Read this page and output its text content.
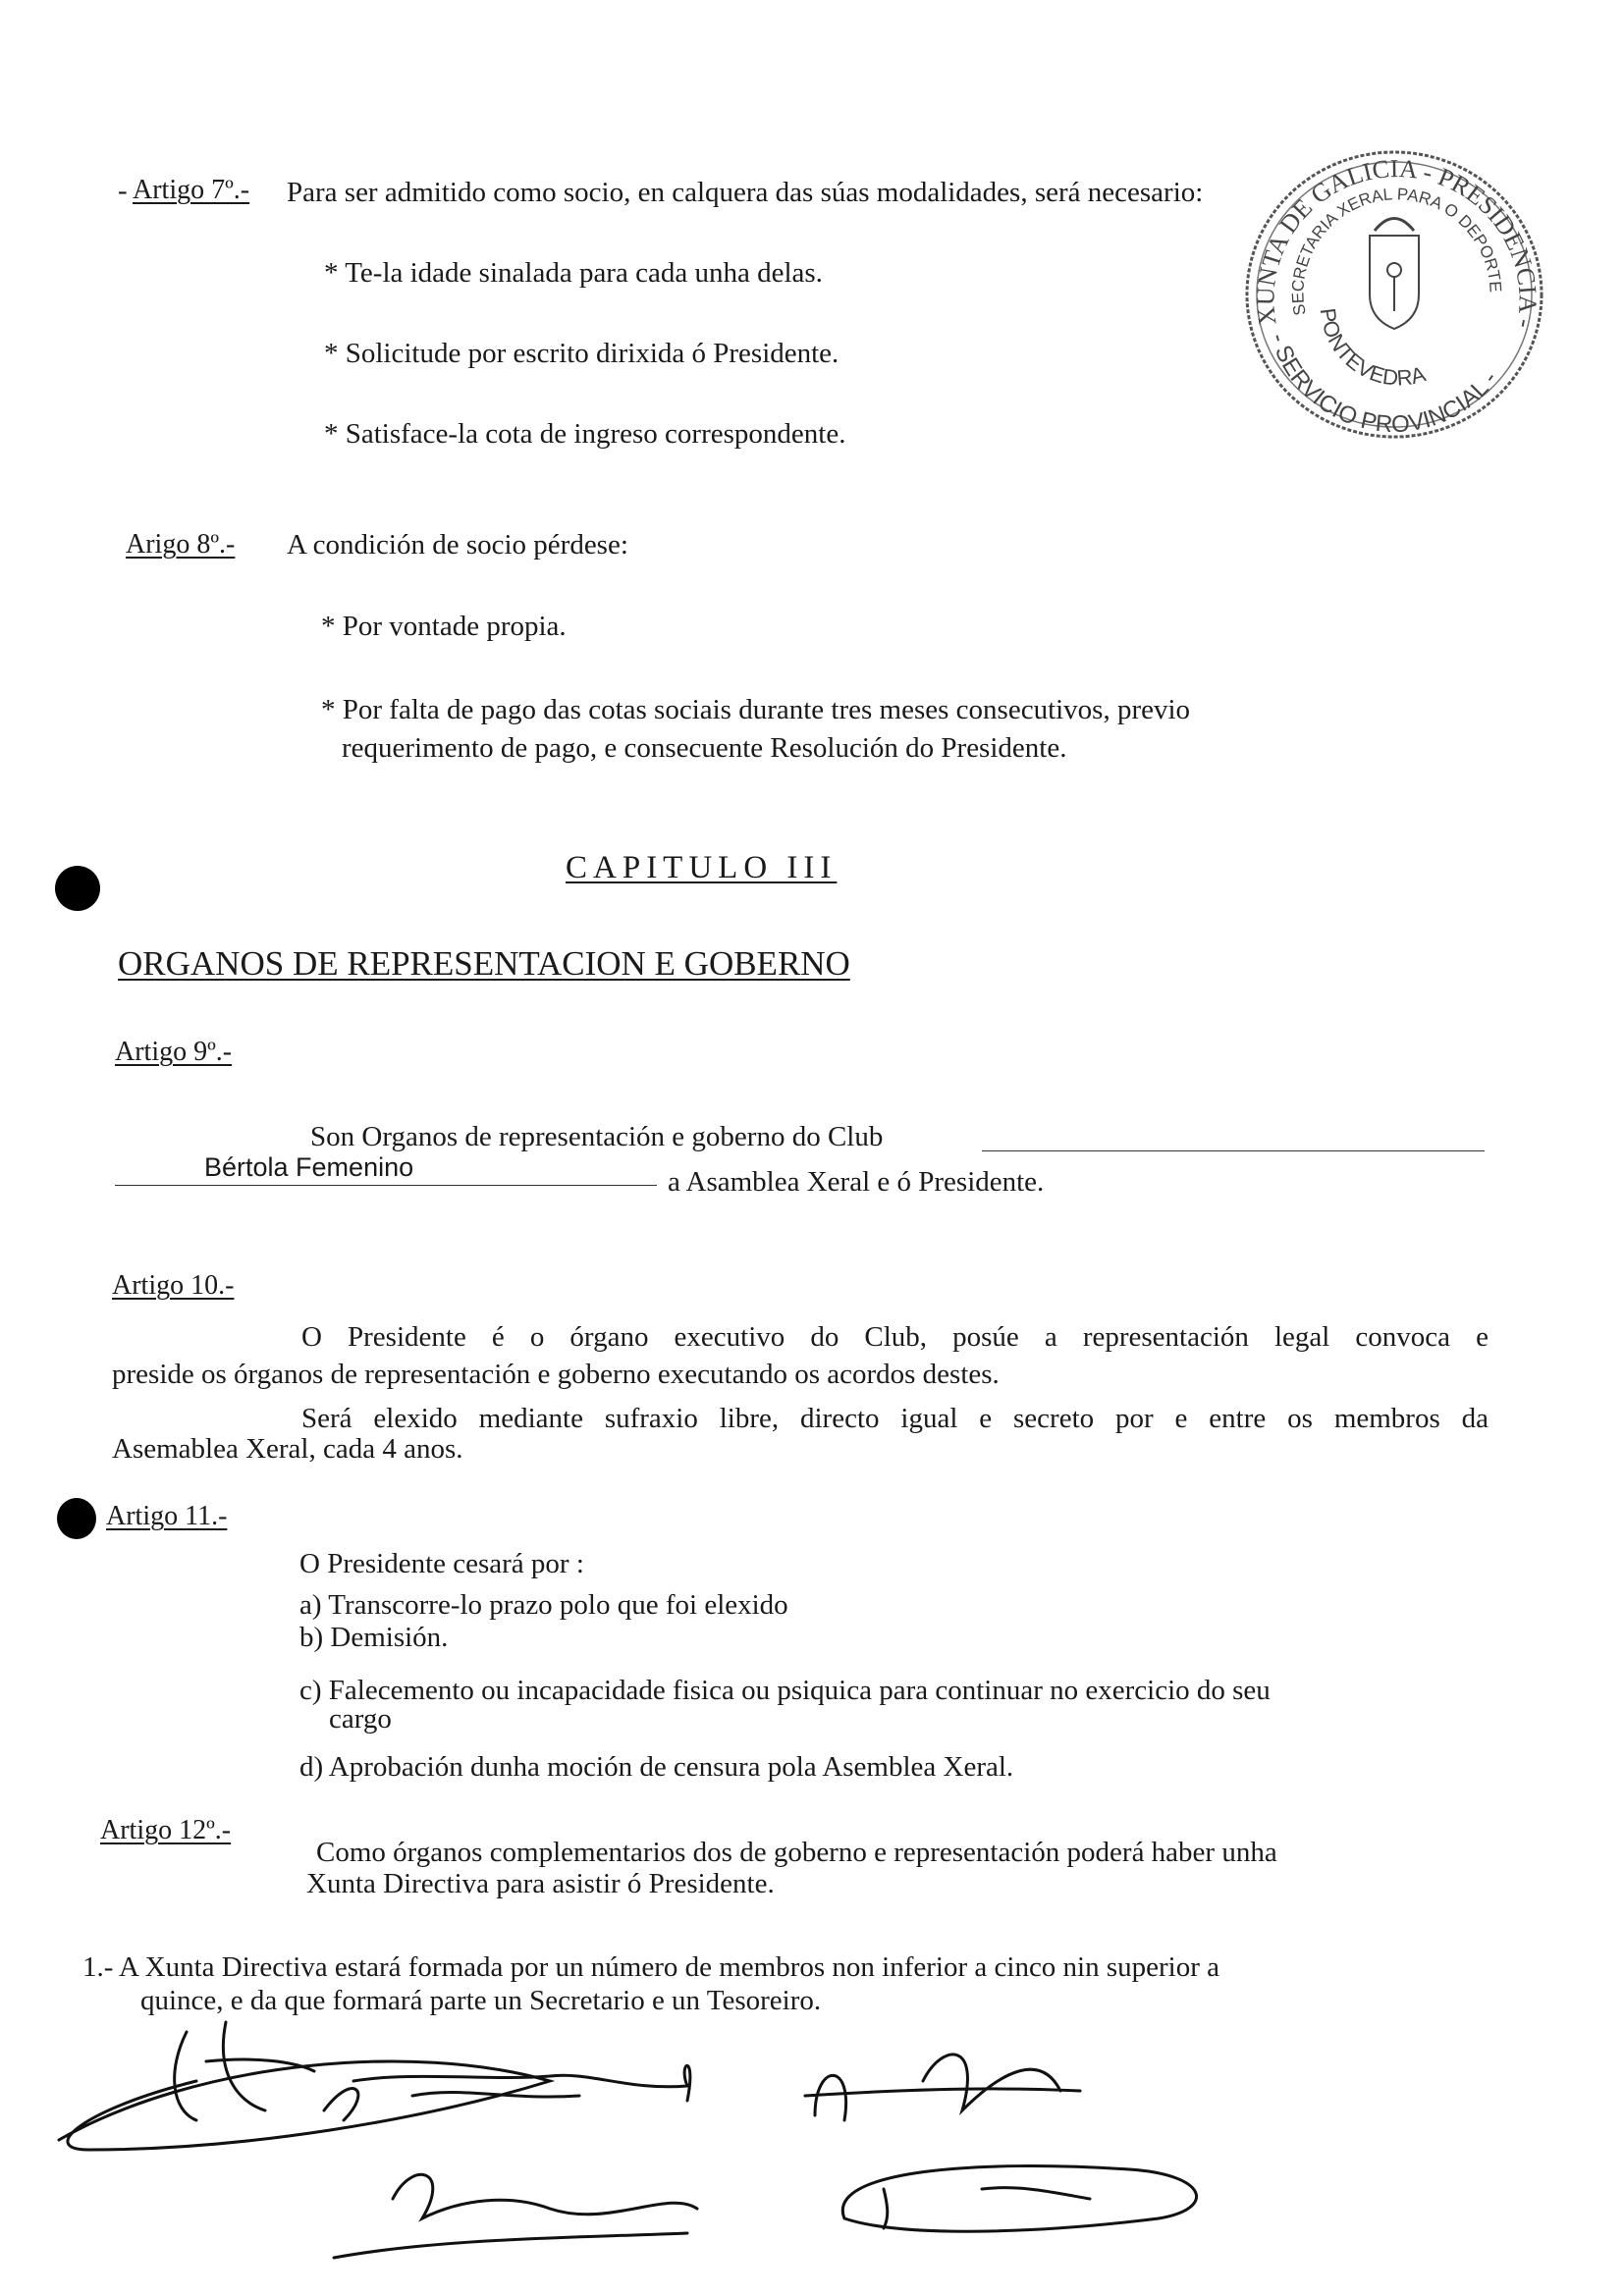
- Artigo 7º.- Para ser admitido como socio, en calquera das súas modalidades, será necesario:
* Te-la idade sinalada para cada unha delas.
* Solicitude por escrito dirixida ó Presidente.
* Satisface-la cota de ingreso correspondente.
XUNTA DE GALICIA - PRESIDENCIA -
SECRETARIA XERAL PARA O DEPORTE
PONTEVEDRA
- SERVICIO PROVINCIAL -
Arigo 8º.- A condición de socio pérdese:
* Por vontade propia.
* Por falta de pago das cotas sociais durante tres meses consecutivos, previo
requerimento de pago, e consecuente Resolución do Presidente.
CAPITULO III
ORGANOS DE REPRESENTACION E GOBERNO
Artigo 9º.-
Son Organos de representación e goberno do Club
Bértola Femenino	a Asamblea Xeral e ó Presidente.
Artigo 10.-
O Presidente é o órgano executivo do Club, posúe a representación legal convoca e
preside os órganos de representación e goberno executando os acordos destes.
Será elexido mediante sufraxio libre, directo igual e secreto por e entre os membros da
Asemablea Xeral, cada 4 anos.
Artigo 11.-
O Presidente cesará por :
a) Transcorre-lo prazo polo que foi elexido
b) Demisión.
c) Falecemento ou incapacidade fisica ou psiquica para continuar no exercicio do seu
cargo
d) Aprobación dunha moción de censura pola Asemblea Xeral.
Artigo 12º.-
Como órganos complementarios dos de goberno e representación poderá haber unha
Xunta Directiva para asistir ó Presidente.
1.- A Xunta Directiva estará formada por un número de membros non inferior a cinco nin superior a
quince, e da que formará parte un Secretario e un Tesoreiro.
